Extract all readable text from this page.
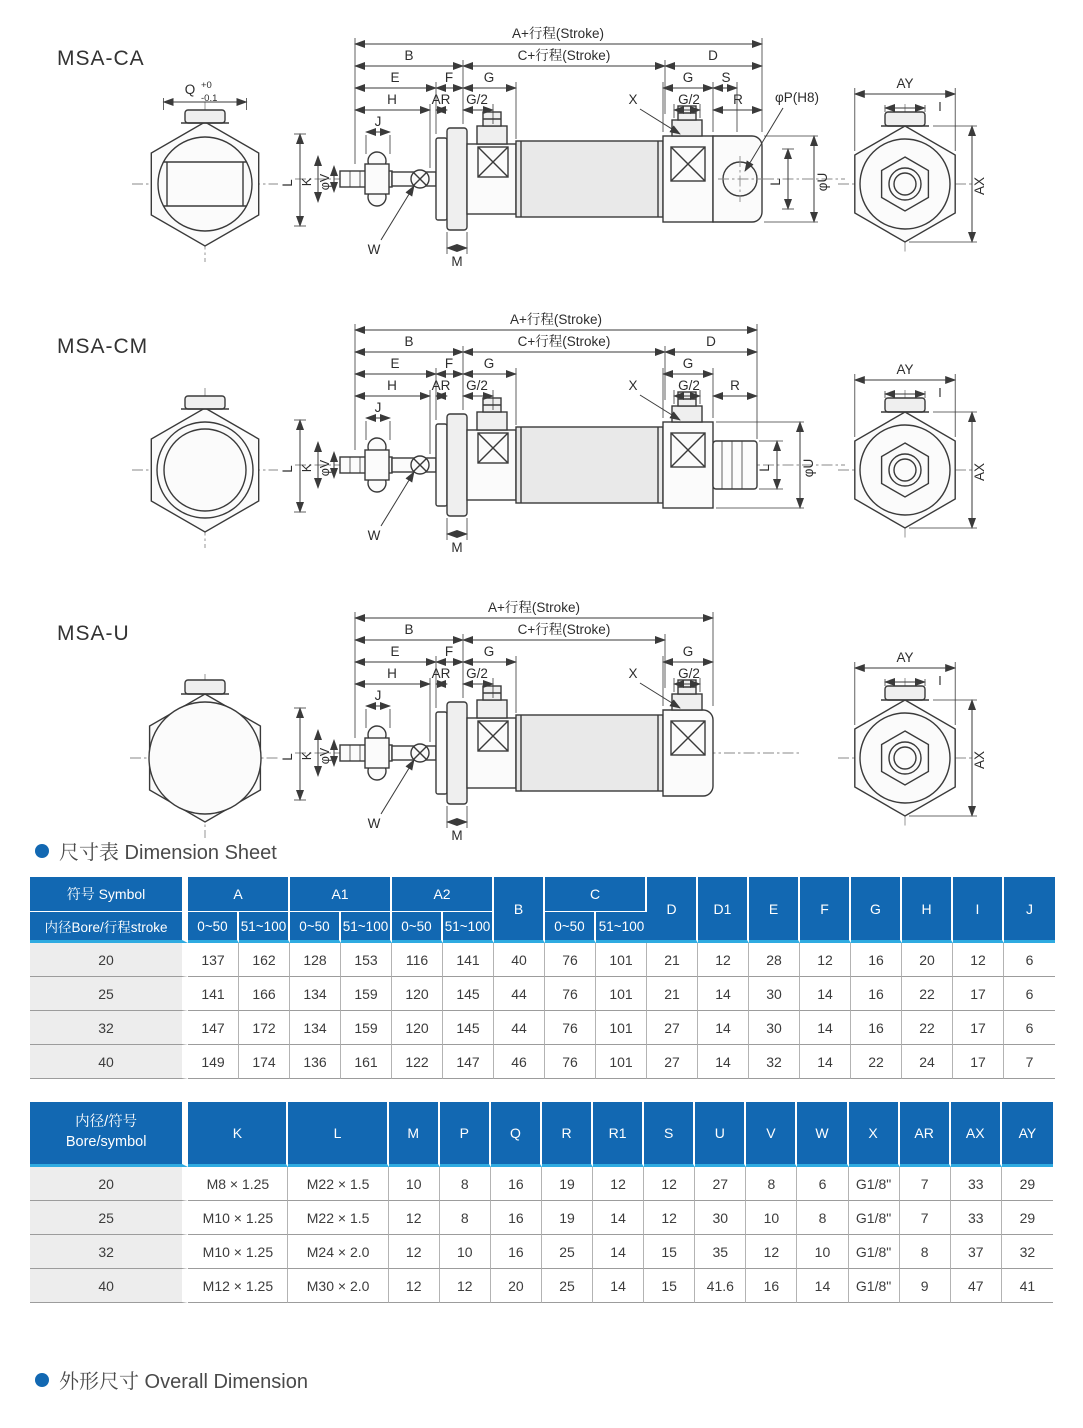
MSA-CA
Q +0
-0.1
A+行程(Stroke)
B	C+行程(Stroke)	D
E	F G	G S
H	AR G/2	X	G/2 R φP(H8)
J
L K φV
W
M
L φU
AY
I
AX
MSA-CM
A+行程(Stroke)
B	C+行程(Stroke)	D
E	F G	G
H	AR G/2	X	G/2 R
J
L K φV
W
M
L φU
AY
I
AX
MSA-U
A+行程(Stroke)
B	C+行程(Stroke)
E	F G	G
H	AR G/2	X	G/2
J
L K φV
W
M
AY
I
AX
尺寸表 Dimension Sheet
符号 Symbol	A		A1		A2		B	C		D	D1	E	F	G	H	I	J
内径Bore/行程stroke	0~50	51~100	0~50	51~100	0~50	51~100		0~50	51~100								
20	137	162	128	153	116	141	40	76	101	21	12	28	12	16	20	12	6
25	141	166	134	159	120	145	44	76	101	21	14	30	14	16	22	17	6
32	147	172	134	159	120	145	44	76	101	27	14	30	14	16	22	17	6
40	149	174	136	161	122	147	46	76	101	27	14	32	14	22	24	17	7
内径/符号
Bore/symbol	K	L	M	P	Q	R	R1	S	U	V	W	X	AR	AX	AY
20	M8 × 1.25	M22 × 1.5	10	8	16	19	12	12	27	8	6	G1/8"	7	33	29
25	M10 × 1.25	M22 × 1.5	12	8	16	19	14	12	30	10	8	G1/8"	7	33	29
32	M10 × 1.25	M24 × 2.0	12	10	16	25	14	15	35	12	10	G1/8"	8	37	32
40	M12 × 1.25	M30 × 2.0	12	12	20	25	14	15	41.6	16	14	G1/8"	9	47	41
外形尺寸 Overall Dimension
